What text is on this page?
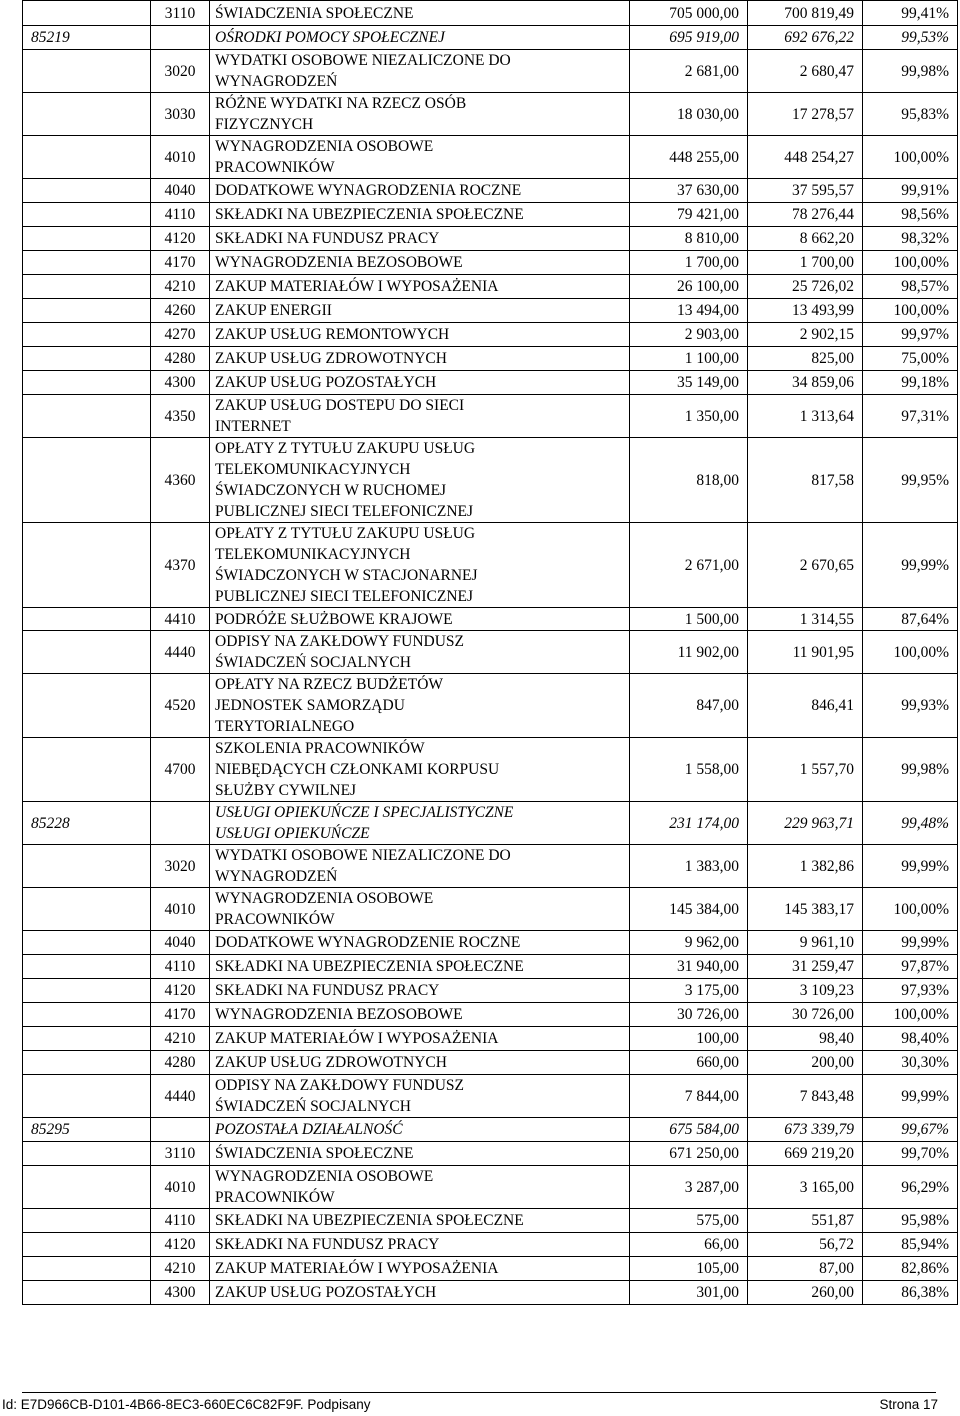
	3110	ŚWIADCZENIA SPOŁECZNE	705 000,00	700 819,49	99,41%
85219		OŚRODKI POMOCY SPOŁECZNEJ	695 919,00	692 676,22	99,53%
	3020	WYDATKI OSOBOWE NIEZALICZONE DO
WYNAGRODZEŃ	2 681,00	2 680,47	99,98%
	3030	RÓŻNE WYDATKI NA RZECZ OSÓB
FIZYCZNYCH	18 030,00	17 278,57	95,83%
	4010	WYNAGRODZENIA OSOBOWE
PRACOWNIKÓW	448 255,00	448 254,27	100,00%
	4040	DODATKOWE WYNAGRODZENIA ROCZNE	37 630,00	37 595,57	99,91%
	4110	SKŁADKI NA UBEZPIECZENIA SPOŁECZNE	79 421,00	78 276,44	98,56%
	4120	SKŁADKI NA FUNDUSZ PRACY	8 810,00	8 662,20	98,32%
	4170	WYNAGRODZENIA BEZOSOBOWE	1 700,00	1 700,00	100,00%
	4210	ZAKUP MATERIAŁÓW I WYPOSAŻENIA	26 100,00	25 726,02	98,57%
	4260	ZAKUP ENERGII	13 494,00	13 493,99	100,00%
	4270	ZAKUP USŁUG REMONTOWYCH	2 903,00	2 902,15	99,97%
	4280	ZAKUP USŁUG ZDROWOTNYCH	1 100,00	825,00	75,00%
	4300	ZAKUP USŁUG POZOSTAŁYCH	35 149,00	34 859,06	99,18%
	4350	ZAKUP USŁUG DOSTEPU DO SIECI
INTERNET	1 350,00	1 313,64	97,31%
	4360	OPŁATY Z TYTUŁU ZAKUPU USŁUG
TELEKOMUNIKACYJNYCH
ŚWIADCZONYCH W RUCHOMEJ
PUBLICZNEJ SIECI TELEFONICZNEJ	818,00	817,58	99,95%
	4370	OPŁATY Z TYTUŁU ZAKUPU USŁUG
TELEKOMUNIKACYJNYCH
ŚWIADCZONYCH W STACJONARNEJ
PUBLICZNEJ SIECI TELEFONICZNEJ	2 671,00	2 670,65	99,99%
	4410	PODRÓŻE SŁUŻBOWE KRAJOWE	1 500,00	1 314,55	87,64%
	4440	ODPISY NA ZAKŁDOWY FUNDUSZ
ŚWIADCZEŃ SOCJALNYCH	11 902,00	11 901,95	100,00%
	4520	OPŁATY NA RZECZ BUDŻETÓW
JEDNOSTEK SAMORZĄDU
TERYTORIALNEGO	847,00	846,41	99,93%
	4700	SZKOLENIA PRACOWNIKÓW
NIEBĘDĄCYCH CZŁONKAMI KORPUSU
SŁUŻBY CYWILNEJ	1 558,00	1 557,70	99,98%
85228		USŁUGI OPIEKUŃCZE I SPECJALISTYCZNE
USŁUGI OPIEKUŃCZE	231 174,00	229 963,71	99,48%
	3020	WYDATKI OSOBOWE NIEZALICZONE DO
WYNAGRODZEŃ	1 383,00	1 382,86	99,99%
	4010	WYNAGRODZENIA OSOBOWE
PRACOWNIKÓW	145 384,00	145 383,17	100,00%
	4040	DODATKOWE WYNAGRODZENIE ROCZNE	9 962,00	9 961,10	99,99%
	4110	SKŁADKI NA UBEZPIECZENIA SPOŁECZNE	31 940,00	31 259,47	97,87%
	4120	SKŁADKI NA FUNDUSZ PRACY	3 175,00	3 109,23	97,93%
	4170	WYNAGRODZENIA BEZOSOBOWE	30 726,00	30 726,00	100,00%
	4210	ZAKUP MATERIAŁÓW I WYPOSAŻENIA	100,00	98,40	98,40%
	4280	ZAKUP USŁUG ZDROWOTNYCH	660,00	200,00	30,30%
	4440	ODPISY NA ZAKŁDOWY FUNDUSZ
ŚWIADCZEŃ SOCJALNYCH	7 844,00	7 843,48	99,99%
85295		POZOSTAŁA DZIAŁALNOŚĆ	675 584,00	673 339,79	99,67%
	3110	ŚWIADCZENIA SPOŁECZNE	671 250,00	669 219,20	99,70%
	4010	WYNAGRODZENIA OSOBOWE
PRACOWNIKÓW	3 287,00	3 165,00	96,29%
	4110	SKŁADKI NA UBEZPIECZENIA SPOŁECZNE	575,00	551,87	95,98%
	4120	SKŁADKI NA FUNDUSZ PRACY	66,00	56,72	85,94%
	4210	ZAKUP MATERIAŁÓW I WYPOSAŻENIA	105,00	87,00	82,86%
	4300	ZAKUP USŁUG POZOSTAŁYCH	301,00	260,00	86,38%
Id: E7D966CB-D101-4B66-8EC3-660EC6C82F9F. Podpisany	Strona 17
